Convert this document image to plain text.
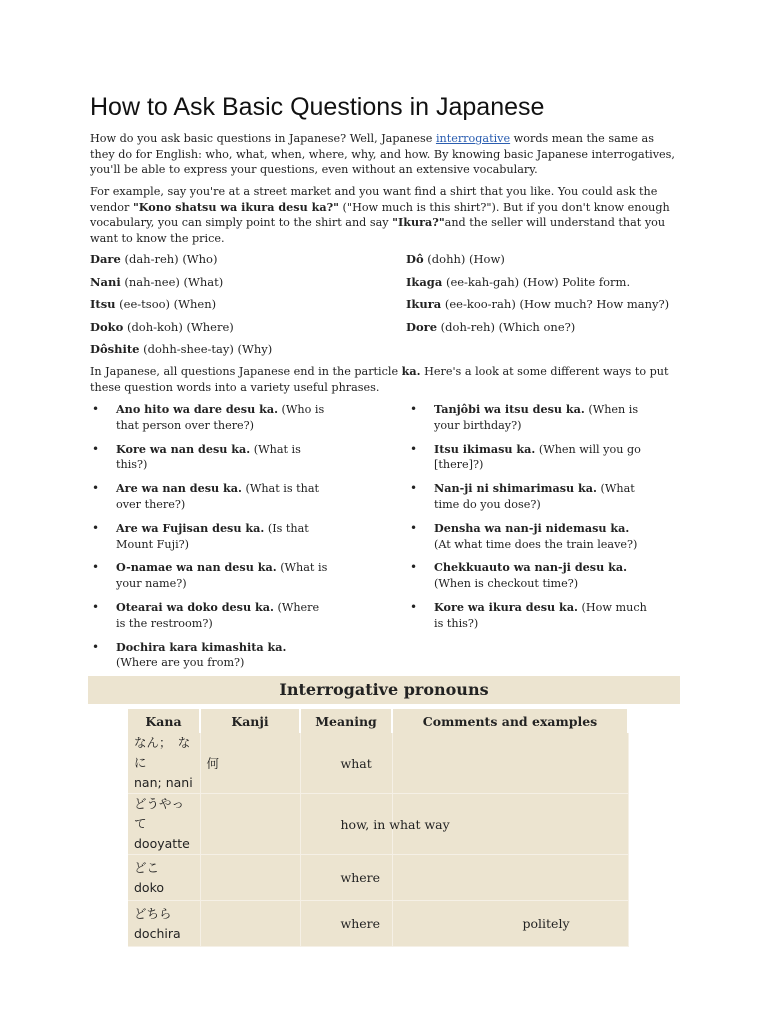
How to Ask Basic Questions in Japanese
How do you ask basic questions in Japanese? Well, Japanese interrogative words mean the same as they do for English: who, what, when, where, why, and how. By knowing basic Japanese interrogatives, you'll be able to express your questions, even without an extensive vocabulary.
For example, say you're at a street market and you want find a shirt that you like. You could ask the vendor "Kono shatsu wa ikura desu ka?" ("How much is this shirt?"). But if you don't know enough vocabulary, you can simply point to the shirt and say "Ikura?"and the seller will understand that you want to know the price.
Dare (dah-reh) (Who)
Nani (nah-nee) (What)
Itsu (ee-tsoo) (When)
Doko (doh-koh) (Where)
Dôshite (dohh-shee-tay) (Why)
Dô (dohh) (How)
Ikaga (ee-kah-gah) (How) Polite form.
Ikura (ee-koo-rah) (How much? How many?)
Dore (doh-reh) (Which one?)
In Japanese, all questions Japanese end in the particle ka. Here's a look at some different ways to put these question words into a variety useful phrases.
• Ano hito wa dare desu ka. (Who is that person over there?)
• Kore wa nan desu ka. (What is this?)
• Are wa nan desu ka. (What is that over there?)
• Are wa Fujisan desu ka. (Is that Mount Fuji?)
• O-namae wa nan desu ka. (What is your name?)
• Otearai wa doko desu ka. (Where is the restroom?)
• Dochira kara kimashita ka. (Where are you from?)
• Tanjôbi wa itsu desu ka. (When is your birthday?)
• Itsu ikimasu ka. (When will you go [there]?)
• Nan-ji ni shimarimasu ka. (What time do you dose?)
• Densha wa nan-ji nidemasu ka. (At what time does the train leave?)
• Chekkuauto wa nan-ji desu ka. (When is checkout time?)
• Kore wa ikura desu ka. (How much is this?)
Interrogative pronouns
Kana	Kanji	Meaning	Comments and examples

なん；　なに
nan; nani	何	what	

どうやって
dooyatte		how, in what way	

どこ
doko		where	

どちら
dochira		where	politely
